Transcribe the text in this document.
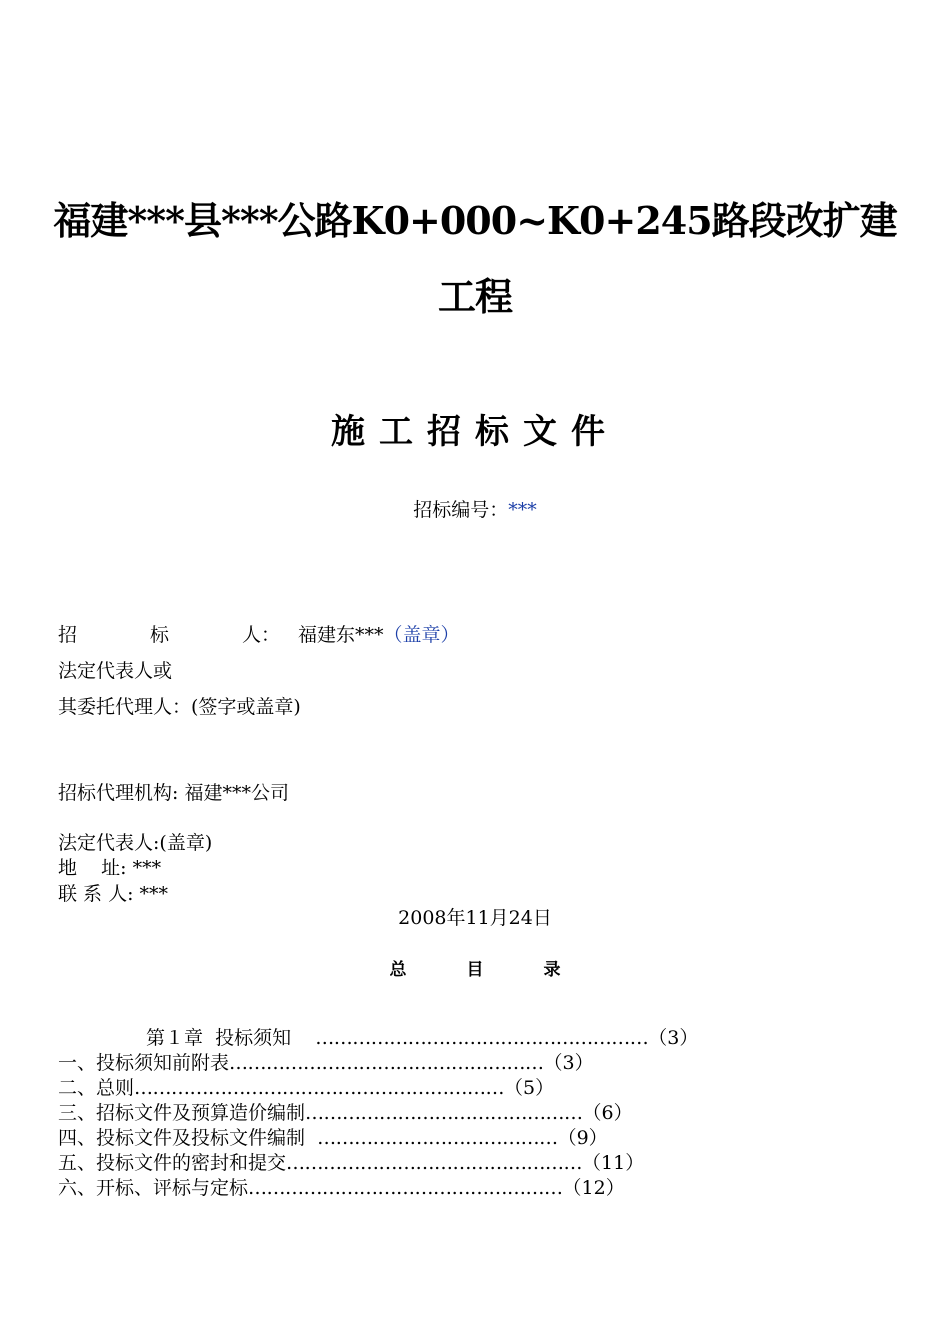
福建***县***公路K0+000~K0+245路段改扩建
工程
施工招标文件
招标编号：***
招	标	人： 福建东***（盖章）
法定代表人或
其委托代理人：(签字或盖章)
招标代理机构: 福建***公司
法定代表人:(盖章)
地    址: ***
联 系 人: ***
2008年11月24日
总	目	录
第１章  投标须知    ………………………………………………（3）
一、投标须知前附表……………………………………………（3）
二、总则……………………………………………………（5）
三、招标文件及预算造价编制………………………………………（6）
四、投标文件及投标文件编制  …………………………………（9）
五、投标文件的密封和提交…………………………………………（11）
六、开标、评标与定标……………………………………………（12）
